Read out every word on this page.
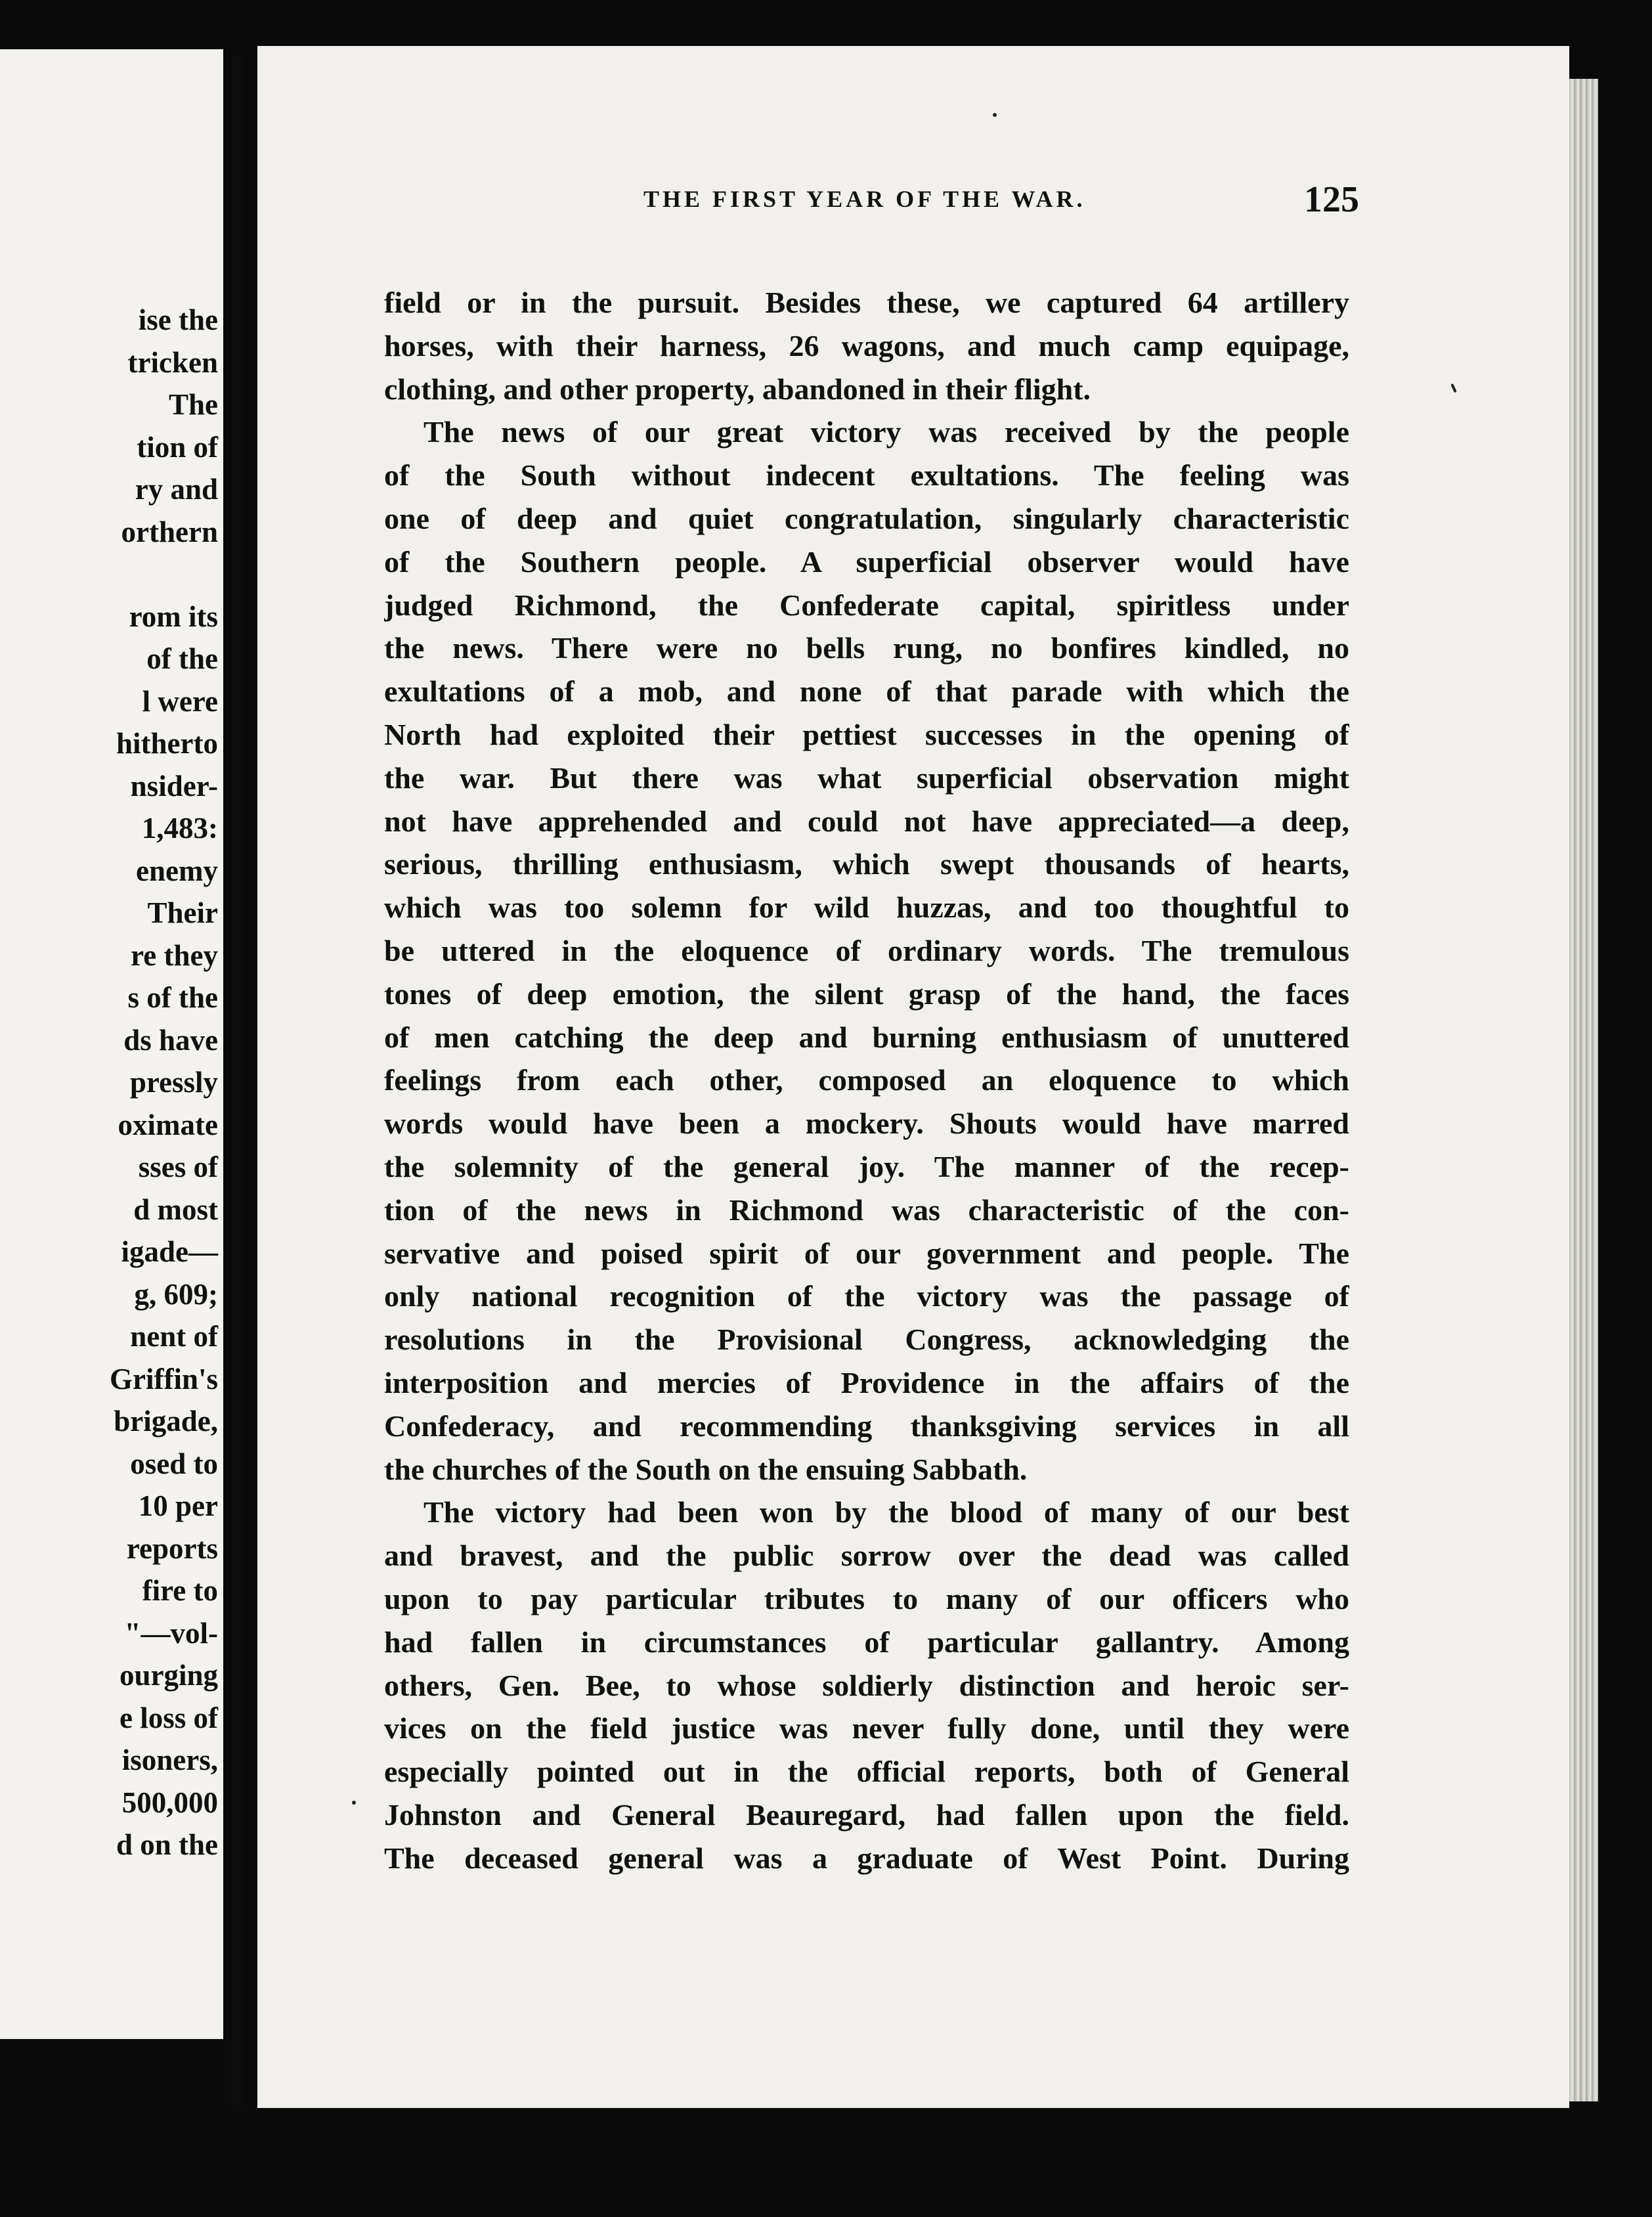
ise the
tricken
The
tion of
ry and
orthern

rom its
of the
l were
hitherto
nsider-
1,483:
enemy
Their
re they
s of the
ds have
pressly
oximate
sses of
d most
igade—
g, 609;
nent of
Griffin's
brigade,
osed to
10 per
reports
fire to
"—vol-
ourging
e loss of
isoners,
500,000
d on the
THE FIRST YEAR OF THE WAR.	125
field or in the pursuit. Besides these, we captured 64 artillery
horses, with their harness, 26 wagons, and much camp equipage,
clothing, and other property, abandoned in their flight.
The news of our great victory was received by the people
of the South without indecent exultations. The feeling was
one of deep and quiet congratulation, singularly characteristic
of the Southern people. A superficial observer would have
judged Richmond, the Confederate capital, spiritless under
the news. There were no bells rung, no bonfires kindled, no
exultations of a mob, and none of that parade with which the
North had exploited their pettiest successes in the opening of
the war. But there was what superficial observation might
not have apprehended and could not have appreciated—a deep,
serious, thrilling enthusiasm, which swept thousands of hearts,
which was too solemn for wild huzzas, and too thoughtful to
be uttered in the eloquence of ordinary words. The tremulous
tones of deep emotion, the silent grasp of the hand, the faces
of men catching the deep and burning enthusiasm of unuttered
feelings from each other, composed an eloquence to which
words would have been a mockery. Shouts would have marred
the solemnity of the general joy. The manner of the recep-
tion of the news in Richmond was characteristic of the con-
servative and poised spirit of our government and people. The
only national recognition of the victory was the passage of
resolutions in the Provisional Congress, acknowledging the
interposition and mercies of Providence in the affairs of the
Confederacy, and recommending thanksgiving services in all
the churches of the South on the ensuing Sabbath.
The victory had been won by the blood of many of our best
and bravest, and the public sorrow over the dead was called
upon to pay particular tributes to many of our officers who
had fallen in circumstances of particular gallantry. Among
others, Gen. Bee, to whose soldierly distinction and heroic ser-
vices on the field justice was never fully done, until they were
especially pointed out in the official reports, both of General
Johnston and General Beauregard, had fallen upon the field.
The deceased general was a graduate of West Point. During
